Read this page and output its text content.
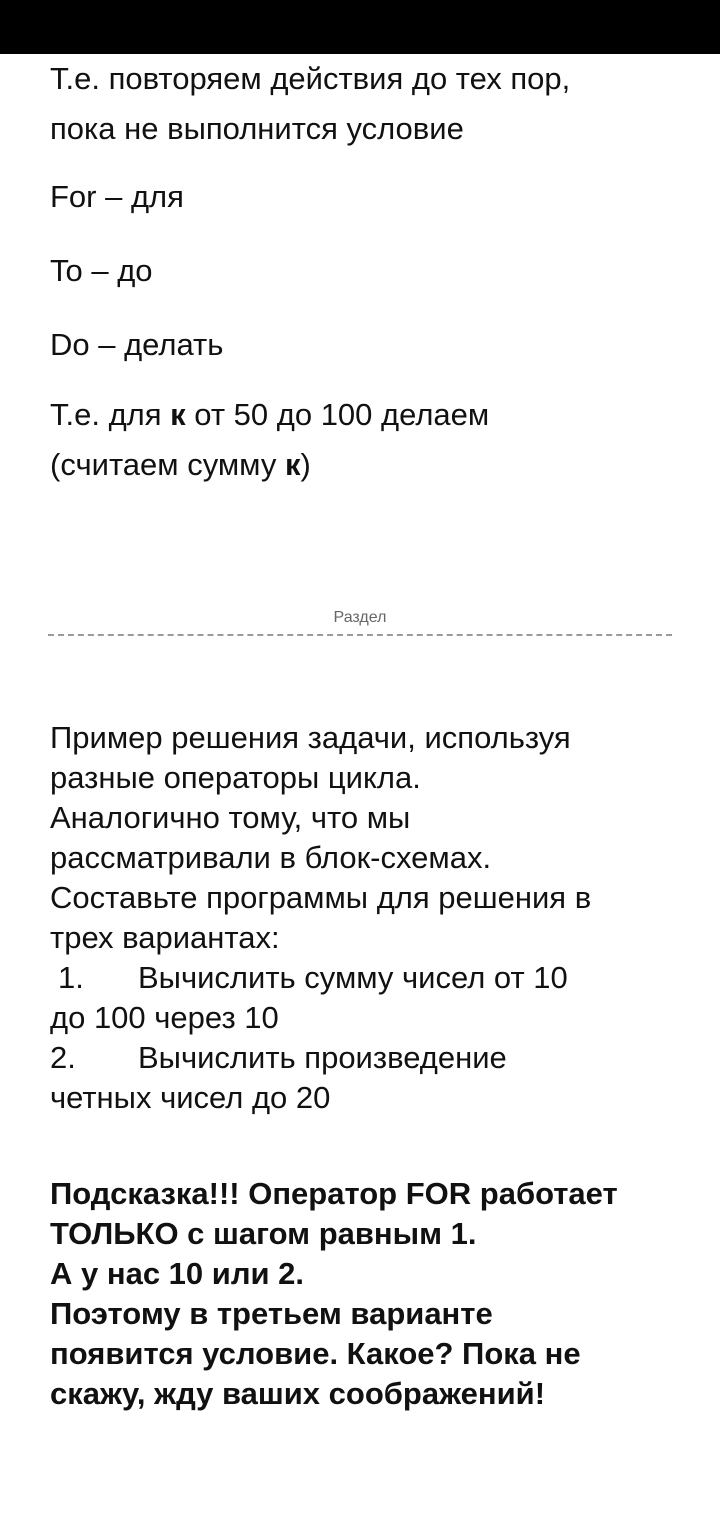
Т.е. повторяем действия до тех пор,
пока не выполнится условие

For – для

To – до

Do – делать

Т.е. для к от 50 до 100 делаем
(считаем сумму к)
Раздел
Пример решения задачи, используя
разные операторы цикла.
Аналогично тому, что мы
рассматривали в блок-схемах.
Составьте программы для решения в
трех вариантах:
1. Вычислить сумму чисел от 10
до 100 через 10
2. Вычислить произведение
четных чисел до 20
Подсказка!!! Оператор FOR работает
ТОЛЬКО с шагом равным 1.
А у нас 10 или 2.
Поэтому в третьем варианте
появится условие. Какое? Пока не
скажу, жду ваших соображений!
